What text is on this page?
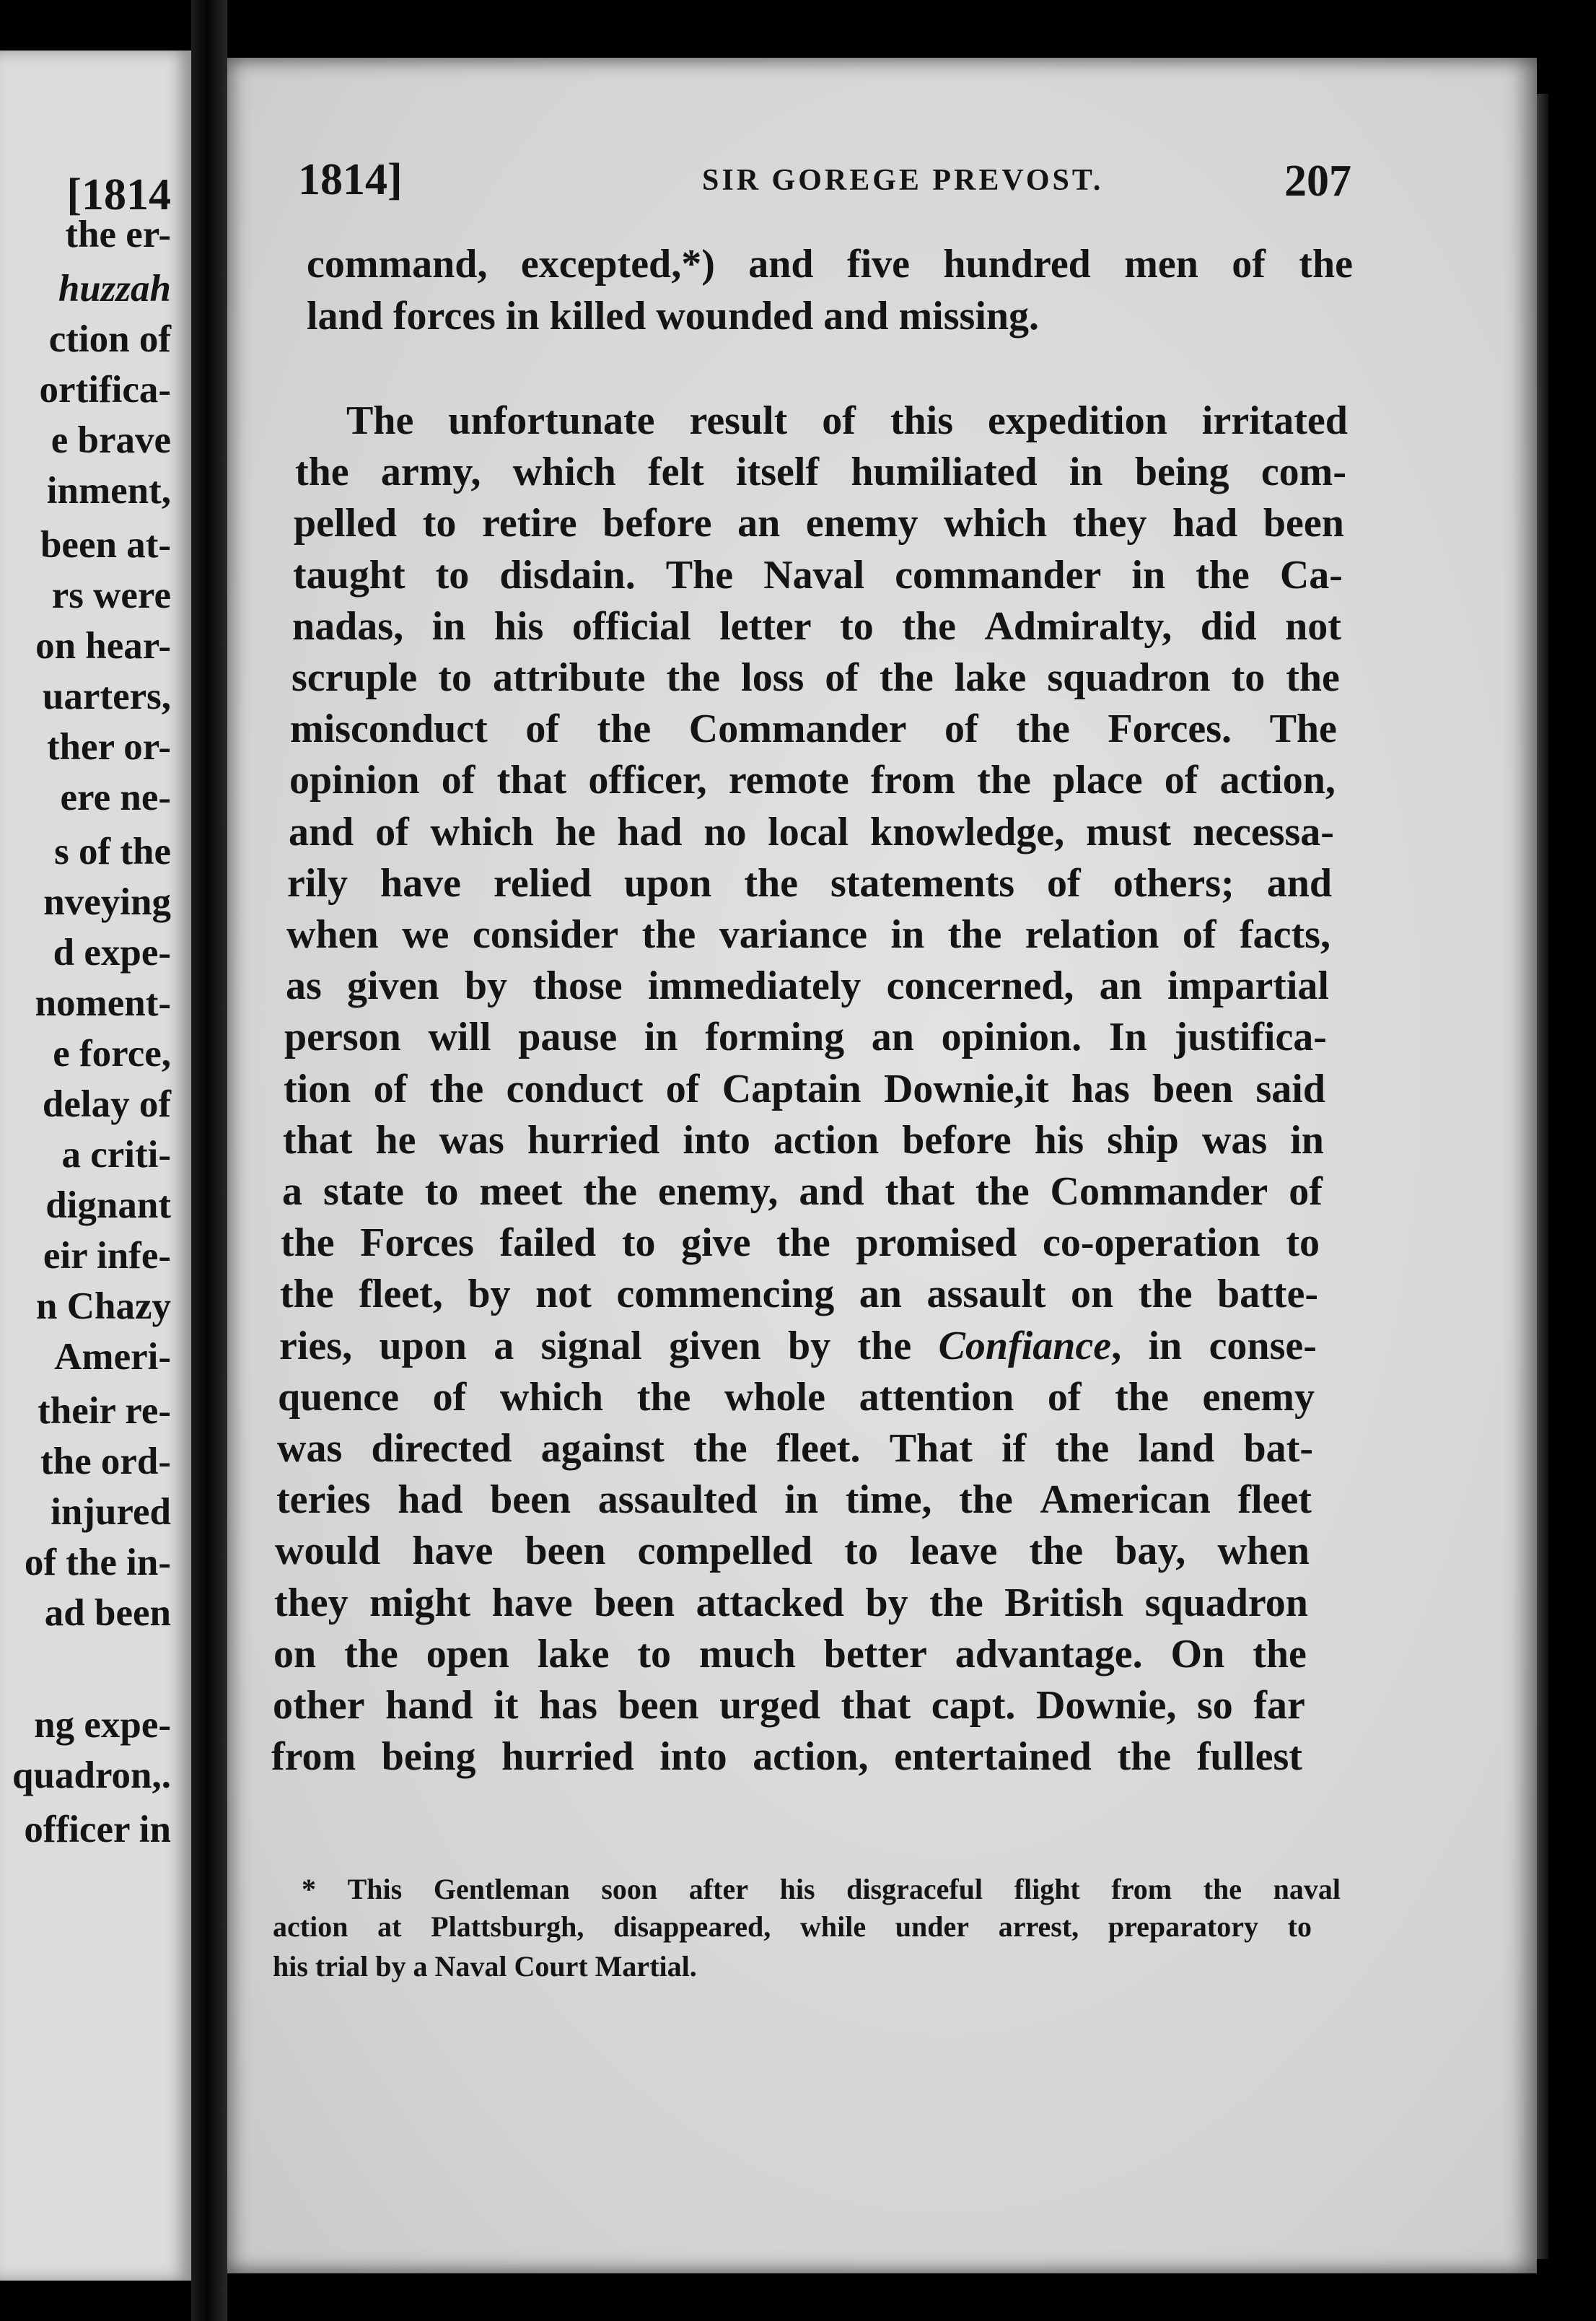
[1814
the er-
huzzah
ction of
ortifica-
e brave
inment,
been at-
rs were
on hear-
uarters,
ther or-
ere ne-
s of the
nveying
d expe-
noment-
e force,
delay of
a criti-
dignant
eir infe-
n Chazy
Ameri-
their re-
the ord-
injured
of the in-
ad been
ng expe-
quadron,.
officer in
1814]	SIR GOREGE PREVOST.	207
command, excepted,*) and five hundred men of the
land forces in killed wounded and missing.
The unfortunate result of this expedition irritated
the army, which felt itself humiliated in being com-
pelled to retire before an enemy which they had been
taught to disdain. The Naval commander in the Ca-
nadas, in his official letter to the Admiralty, did not
scruple to attribute the loss of the lake squadron to the
misconduct of the Commander of the Forces. The
opinion of that officer, remote from the place of action,
and of which he had no local knowledge, must necessa-
rily have relied upon the statements of others; and
when we consider the variance in the relation of facts,
as given by those immediately concerned, an impartial
person will pause in forming an opinion. In justifica-
tion of the conduct of Captain Downie,it has been said
that he was hurried into action before his ship was in
a state to meet the enemy, and that the Commander of
the Forces failed to give the promised co-operation to
the fleet, by not commencing an assault on the batte-
ries, upon a signal given by the Confiance, in conse-
quence of which the whole attention of the enemy
was directed against the fleet. That if the land bat-
teries had been assaulted in time, the American fleet
would have been compelled to leave the bay, when
they might have been attacked by the British squadron
on the open lake to much better advantage. On the
other hand it has been urged that capt. Downie, so far
from being hurried into action, entertained the fullest
* This Gentleman soon after his disgraceful flight from the naval
action at Plattsburgh, disappeared, while under arrest, preparatory to
his trial by a Naval Court Martial.
